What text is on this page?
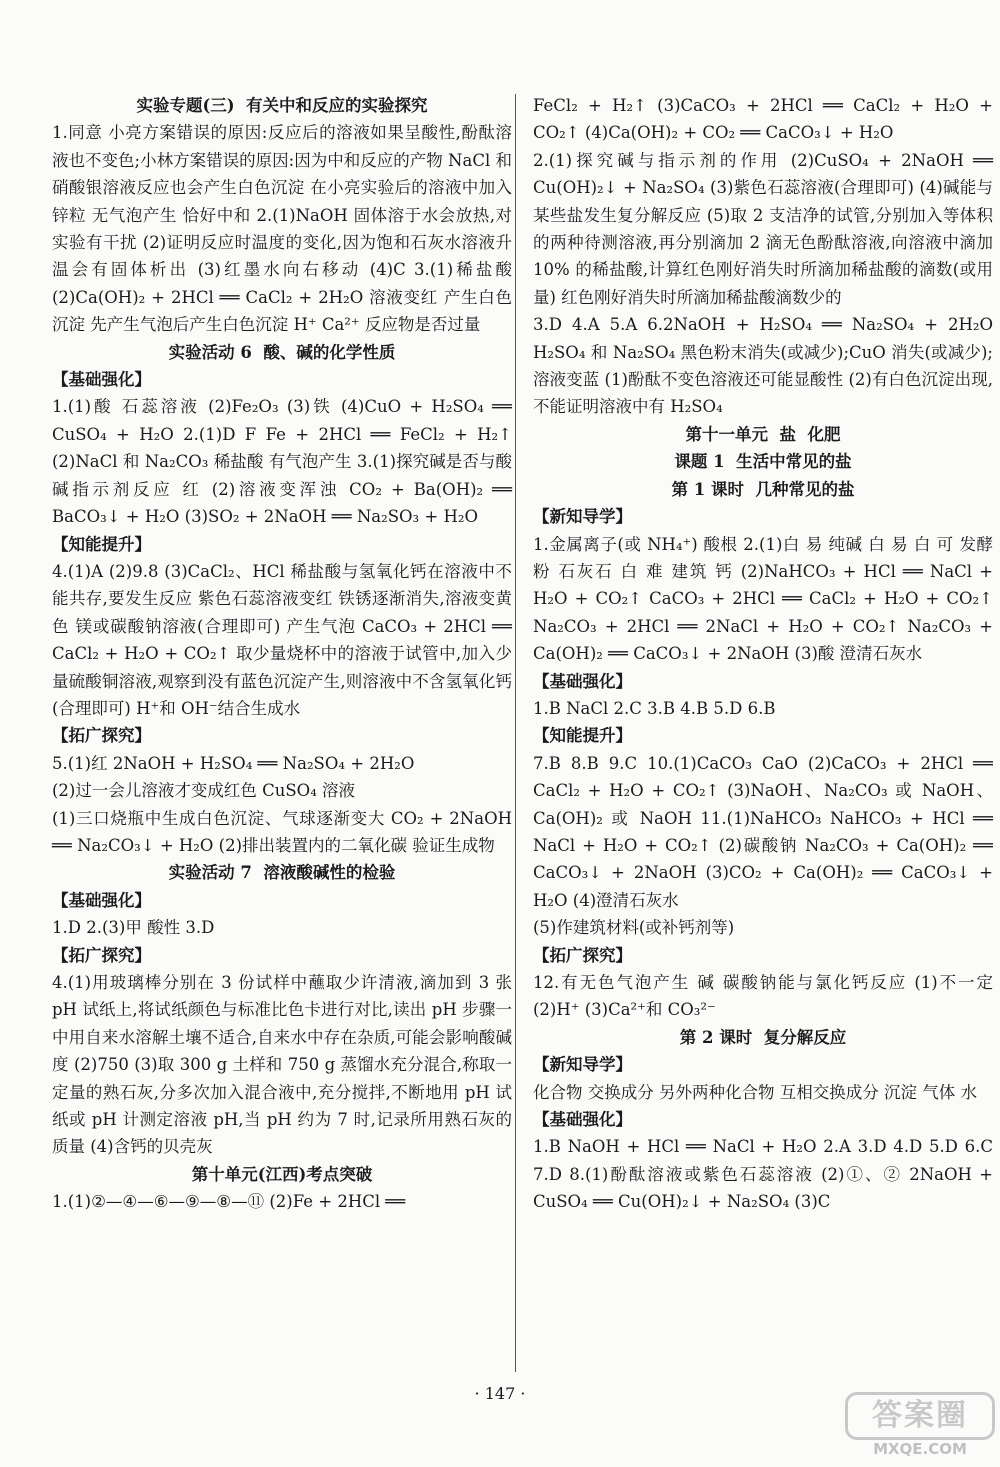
实验专题(三)  有关中和反应的实验探究
1.同意 小亮方案错误的原因:反应后的溶液如果呈酸性,酚酞溶液也不变色;小林方案错误的原因:因为中和反应的产物 NaCl 和硝酸银溶液反应也会产生白色沉淀 在小亮实验后的溶液中加入锌粒 无气泡产生 恰好中和 2.(1)NaOH 固体溶于水会放热,对实验有干扰 (2)证明反应时温度的变化,因为饱和石灰水溶液升温会有固体析出 (3)红墨水向右移动 (4)C 3.(1)稀盐酸 (2)Ca(OH)₂ + 2HCl ══ CaCl₂ + 2H₂O 溶液变红 产生白色沉淀 先产生气泡后产生白色沉淀 H⁺ Ca²⁺ 反应物是否过量
实验活动 6  酸、碱的化学性质
【基础强化】
1.(1)酸 石蕊溶液 (2)Fe₂O₃ (3)铁 (4)CuO + H₂SO₄ ══ CuSO₄ + H₂O 2.(1)D F Fe + 2HCl ══ FeCl₂ + H₂↑ (2)NaCl 和 Na₂CO₃ 稀盐酸 有气泡产生 3.(1)探究碱是否与酸碱指示剂反应 红 (2)溶液变浑浊 CO₂ + Ba(OH)₂ ══ BaCO₃↓ + H₂O (3)SO₂ + 2NaOH ══ Na₂SO₃ + H₂O
【知能提升】
4.(1)A (2)9.8 (3)CaCl₂、HCl 稀盐酸与氢氧化钙在溶液中不能共存,要发生反应 紫色石蕊溶液变红 铁锈逐渐消失,溶液变黄色 镁或碳酸钠溶液(合理即可) 产生气泡 CaCO₃ + 2HCl ══ CaCl₂ + H₂O + CO₂↑ 取少量烧杯中的溶液于试管中,加入少量硫酸铜溶液,观察到没有蓝色沉淀产生,则溶液中不含氢氧化钙(合理即可) H⁺和 OH⁻结合生成水
【拓广探究】
5.(1)红 2NaOH + H₂SO₄ ══ Na₂SO₄ + 2H₂O
(2)过一会儿溶液才变成红色 CuSO₄ 溶液
(1)三口烧瓶中生成白色沉淀、气球逐渐变大 CO₂ + 2NaOH ══ Na₂CO₃↓ + H₂O (2)排出装置内的二氧化碳 验证生成物
实验活动 7  溶液酸碱性的检验
【基础强化】
1.D 2.(3)甲 酸性 3.D
【拓广探究】
4.(1)用玻璃棒分别在 3 份试样中蘸取少许清液,滴加到 3 张 pH 试纸上,将试纸颜色与标准比色卡进行对比,读出 pH 步骤一中用自来水溶解土壤不适合,自来水中存在杂质,可能会影响酸碱度 (2)750 (3)取 300 g 土样和 750 g 蒸馏水充分混合,称取一定量的熟石灰,分多次加入混合液中,充分搅拌,不断地用 pH 试纸或 pH 计测定溶液 pH,当 pH 约为 7 时,记录所用熟石灰的质量 (4)含钙的贝壳灰
第十单元(江西)考点突破
1.(1)②—④—⑥—⑨—⑧—⑪ (2)Fe + 2HCl ══
FeCl₂ + H₂↑ (3)CaCO₃ + 2HCl ══ CaCl₂ + H₂O + CO₂↑ (4)Ca(OH)₂ + CO₂ ══ CaCO₃↓ + H₂O
2.(1)探究碱与指示剂的作用 (2)CuSO₄ + 2NaOH ══ Cu(OH)₂↓ + Na₂SO₄ (3)紫色石蕊溶液(合理即可) (4)碱能与某些盐发生复分解反应 (5)取 2 支洁净的试管,分别加入等体积的两种待测溶液,再分别滴加 2 滴无色酚酞溶液,向溶液中滴加 10% 的稀盐酸,计算红色刚好消失时所滴加稀盐酸的滴数(或用量) 红色刚好消失时所滴加稀盐酸滴数少的
3.D 4.A 5.A 6.2NaOH + H₂SO₄ ══ Na₂SO₄ + 2H₂O H₂SO₄ 和 Na₂SO₄ 黑色粉末消失(或减少);CuO 消失(或减少);溶液变蓝 (1)酚酞不变色溶液还可能显酸性 (2)有白色沉淀出现,不能证明溶液中有 H₂SO₄
第十一单元  盐  化肥
课题 1  生活中常见的盐
第 1 课时  几种常见的盐
【新知导学】
1.金属离子(或 NH₄⁺) 酸根 2.(1)白 易 纯碱 白 易 白 可 发酵粉 石灰石 白 难 建筑 钙 (2)NaHCO₃ + HCl ══ NaCl + H₂O + CO₂↑ CaCO₃ + 2HCl ══ CaCl₂ + H₂O + CO₂↑ Na₂CO₃ + 2HCl ══ 2NaCl + H₂O + CO₂↑ Na₂CO₃ + Ca(OH)₂ ══ CaCO₃↓ + 2NaOH (3)酸 澄清石灰水
【基础强化】
1.B NaCl 2.C 3.B 4.B 5.D 6.B
【知能提升】
7.B 8.B 9.C 10.(1)CaCO₃ CaO (2)CaCO₃ + 2HCl ══ CaCl₂ + H₂O + CO₂↑ (3)NaOH、Na₂CO₃ 或 NaOH、Ca(OH)₂ 或 NaOH 11.(1)NaHCO₃ NaHCO₃ + HCl ══ NaCl + H₂O + CO₂↑ (2)碳酸钠 Na₂CO₃ + Ca(OH)₂ ══ CaCO₃↓ + 2NaOH (3)CO₂ + Ca(OH)₂ ══ CaCO₃↓ + H₂O (4)澄清石灰水
(5)作建筑材料(或补钙剂等)
【拓广探究】
12.有无色气泡产生 碱 碳酸钠能与氯化钙反应 (1)不一定 (2)H⁺ (3)Ca²⁺和 CO₃²⁻
第 2 课时  复分解反应
【新知导学】
化合物 交换成分 另外两种化合物 互相交换成分 沉淀 气体 水
【基础强化】
1.B NaOH + HCl ══ NaCl + H₂O 2.A 3.D 4.D 5.D 6.C 7.D 8.(1)酚酞溶液或紫色石蕊溶液 (2)①、② 2NaOH + CuSO₄ ══ Cu(OH)₂↓ + Na₂SO₄ (3)C
· 147 ·
答案圈
MXQE.COM
